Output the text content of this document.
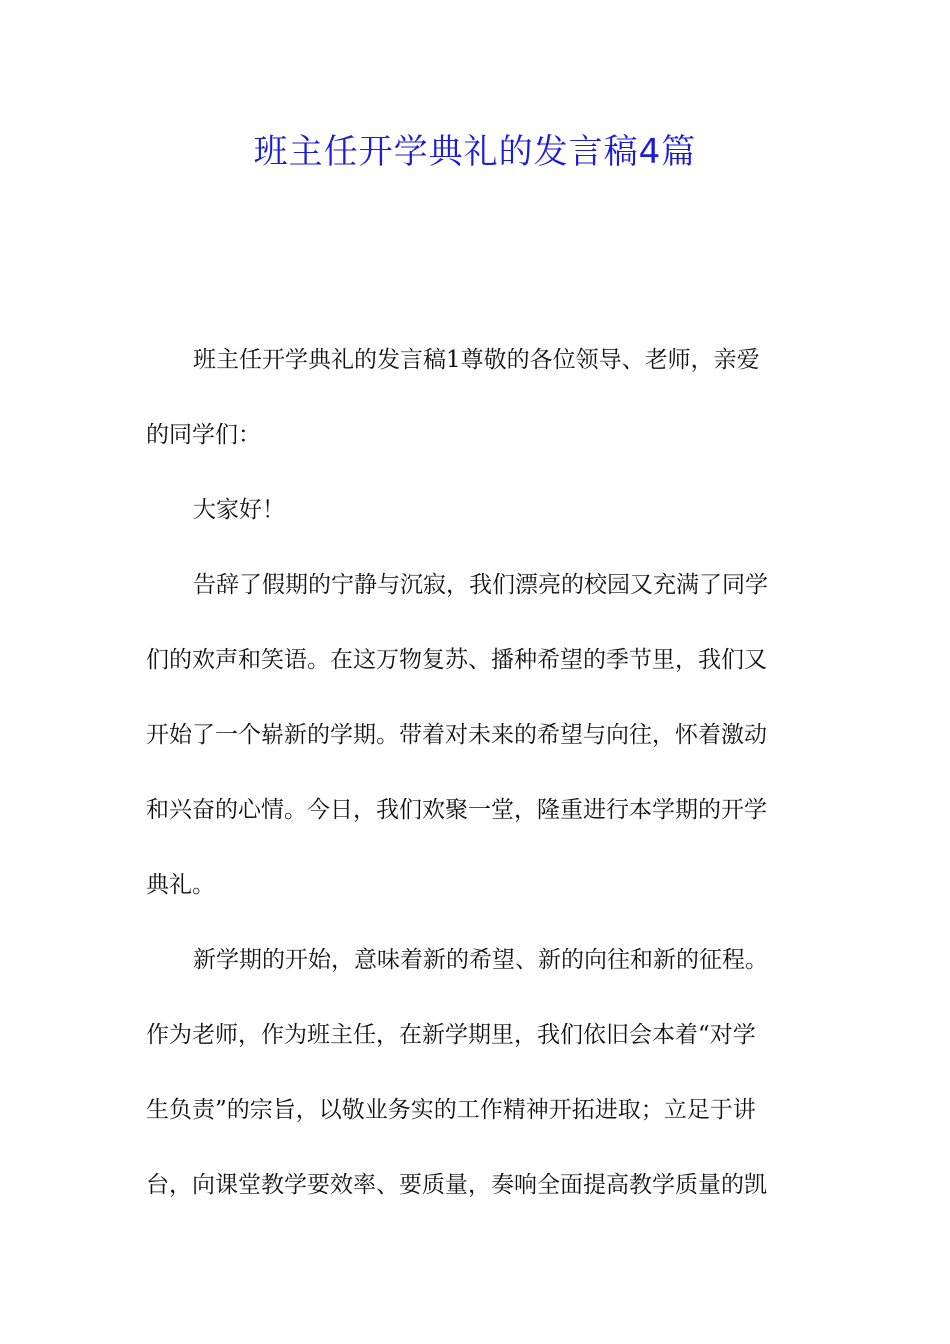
班主任开学典礼的发言稿4篇
班主任开学典礼的发言稿1尊敬的各位领导、老师，亲爱
的同学们：
大家好！
告辞了假期的宁静与沉寂，我们漂亮的校园又充满了同学
们的欢声和笑语。在这万物复苏、播种希望的季节里，我们又
开始了一个崭新的学期。带着对未来的希望与向往，怀着激动
和兴奋的心情。今日，我们欢聚一堂，隆重进行本学期的开学
典礼。
新学期的开始，意味着新的希望、新的向往和新的征程。
作为老师，作为班主任，在新学期里，我们依旧会本着“对学
生负责”的宗旨，以敬业务实的工作精神开拓进取；立足于讲
台，向课堂教学要效率、要质量，奏响全面提高教学质量的凯
